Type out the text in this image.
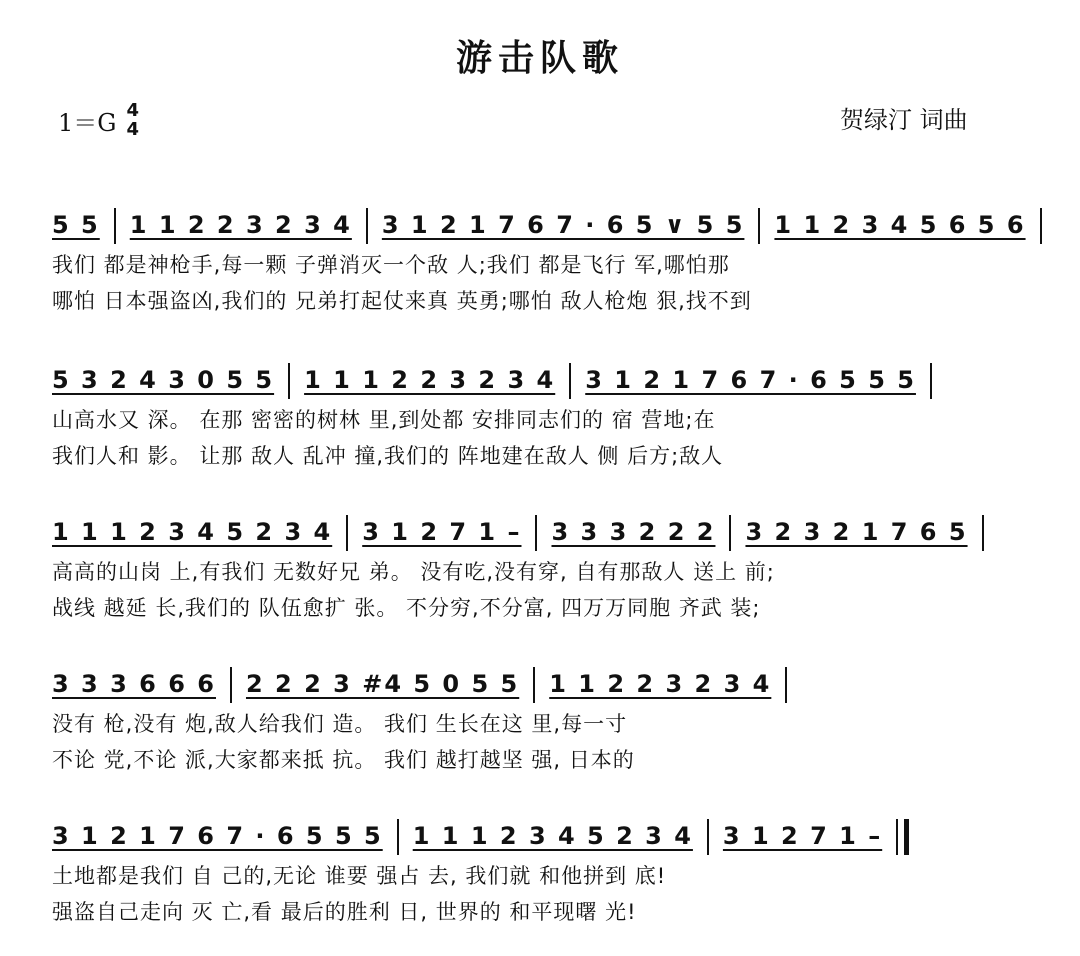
游击队歌
1＝G 4
4	贺绿汀 词曲
5 5 1 1 2 2 3 2 3 4 3 1 2 1 7 6 7 · 6 5 ∨ 5 5 1 1 2 3 4 5 6 5 6
我们 都是神枪手,每一颗 子弹消灭一个敌 人;我们 都是飞行 军,哪怕那
哪怕 日本强盗凶,我们的 兄弟打起仗来真 英勇;哪怕 敌人枪炮 狠,找不到
5 3 2 4 3 0 5 5 1 1 1 2 2 3 2 3 4 3 1 2 1 7 6 7 · 6 5 5 5
山高水又 深。 在那 密密的树林 里,到处都 安排同志们的 宿 营地;在
我们人和 影。 让那 敌人 乱冲 撞,我们的 阵地建在敌人 侧 后方;敌人
1 1 1 2 3 4 5 2 3 4 3 1 2 7 1 – 3 3 3 2 2 2 3 2 3 2 1 7 6 5
高高的山岗 上,有我们 无数好兄 弟。 没有吃,没有穿, 自有那敌人 送上 前;
战线 越延 长,我们的 队伍愈扩 张。 不分穷,不分富, 四万万同胞 齐武 装;
3 3 3 6 6 6 2 2 2 3 #4 5 0 5 5 1 1 2 2 3 2 3 4
没有 枪,没有 炮,敌人给我们 造。 我们 生长在这 里,每一寸
不论 党,不论 派,大家都来抵 抗。 我们 越打越坚 强, 日本的
3 1 2 1 7 6 7 · 6 5 5 5 1 1 1 2 3 4 5 2 3 4 3 1 2 7 1 –
土地都是我们 自 己的,无论 谁要 强占 去, 我们就 和他拼到 底!
强盗自己走向 灭 亡,看 最后的胜利 日, 世界的 和平现曙 光!
